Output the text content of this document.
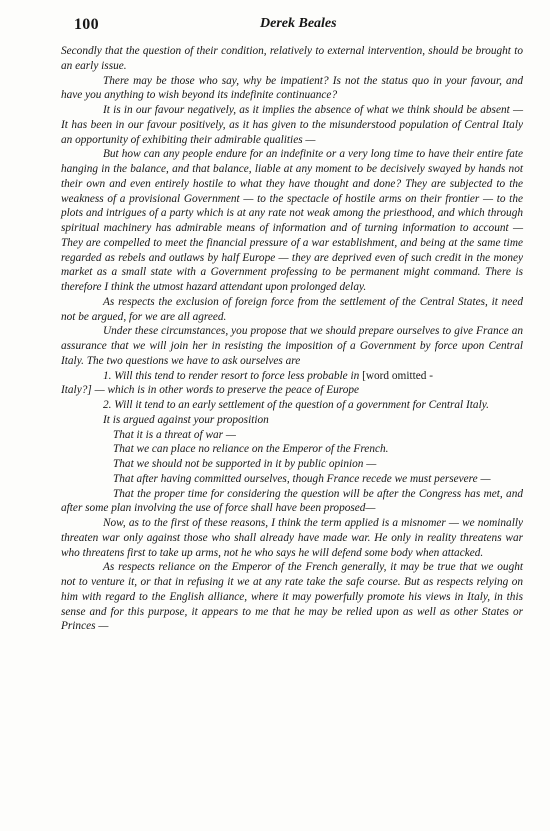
100	Derek Beales

Secondly that the question of their condition, relatively to external intervention, should be brought to an early issue.

There may be those who say, why be impatient? Is not the status quo in your favour, and have you anything to wish beyond its indefinite continuance?

It is in our favour negatively, as it implies the absence of what we think should be absent — It has been in our favour positively, as it has given to the misunderstood population of Central Italy an opportunity of exhibiting their admirable qualities —

But how can any people endure for an indefinite or a very long time to have their entire fate hanging in the balance, and that balance, liable at any moment to be decisively swayed by hands not their own and even entirely hostile to what they have thought and done? They are subjected to the weakness of a provisional Government — to the spectacle of hostile arms on their frontier — to the plots and intrigues of a party which is at any rate not weak among the priesthood, and which through spiritual machinery has admirable means of information and of turning information to account — They are compelled to meet the financial pressure of a war establishment, and being at the same time regarded as rebels and outlaws by half Europe — they are deprived even of such credit in the money market as a small state with a Government professing to be permanent might command. There is therefore I think the utmost hazard attendant upon prolonged delay.

As respects the exclusion of foreign force from the settlement of the Central States, it need not be argued, for we are all agreed.

Under these circumstances, you propose that we should prepare ourselves to give France an assurance that we will join her in resisting the imposition of a Government by force upon Central Italy. The two questions we have to ask ourselves are

1. Will this tend to render resort to force less probable in [word omitted -
Italy?] — which is in other words to preserve the peace of Europe

2. Will it tend to an early settlement of the question of a government for Central Italy.

It is argued against your proposition

That it is a threat of war —

That we can place no reliance on the Emperor of the French.

That we should not be supported in it by public opinion —

That after having committed ourselves, though France recede we must persevere —

That the proper time for considering the question will be after the Congress has met, and after some plan involving the use of force shall have been proposed—

Now, as to the first of these reasons, I think the term applied is a misnomer — we nominally threaten war only against those who shall already have made war. He only in reality threatens war who threatens first to take up arms, not he who says he will defend some body when attacked.

As respects reliance on the Emperor of the French generally, it may be true that we ought not to venture it, or that in refusing it we at any rate take the safe course. But as respects relying on him with regard to the English alliance, where it may powerfully promote his views in Italy, in this sense and for this purpose, it appears to me that he may be relied upon as well as other States or Princes —
